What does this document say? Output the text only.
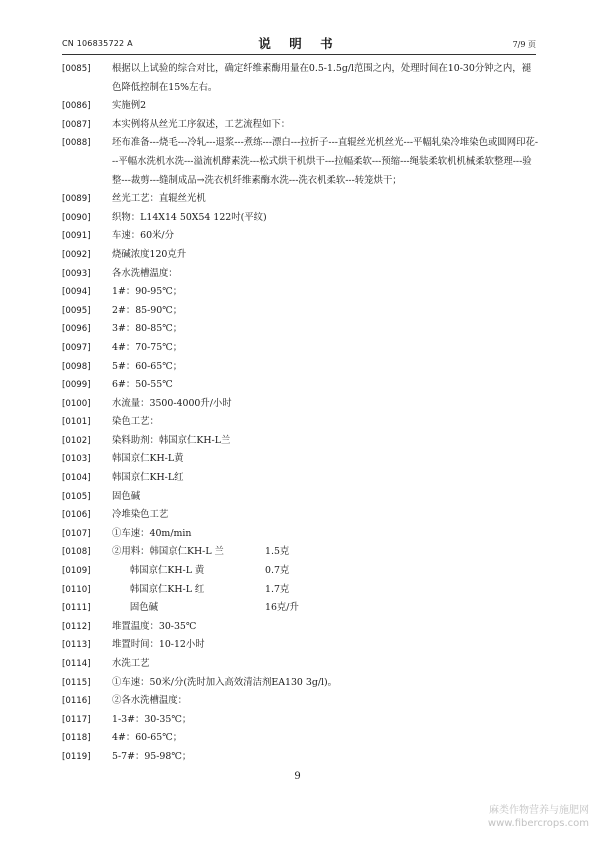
CN 106835722 A	说 明 书	7/9 页
[0085]	根据以上试验的综合对比，确定纤维素酶用量在0.5-1.5g/l范围之内，处理时间在10-30分钟之内，褪色降低控制在15%左右。
[0086]	实施例2
[0087]	本实例将从丝光工序叙述，工艺流程如下：
[0088]	坯布准备---烧毛---冷轧---退浆---煮练---漂白---拉折子---直辊丝光机丝光---平幅轧染冷堆染色或圆网印花---平幅水洗机水洗---溢流机酵素洗---松式烘干机烘干---拉幅柔软---预缩---绳装柔软机机械柔软整理---验整---裁剪---缝制成品→洗衣机纤维素酶水洗---洗衣机柔软---转笼烘干；
[0089]	丝光工艺：直辊丝光机
[0090]	织物：L14X14 50X54 122吋(平纹)
[0091]	车速：60米/分
[0092]	烧碱浓度120克升
[0093]	各水洗槽温度：
[0094]	1#：90-95℃；
[0095]	2#：85-90℃；
[0096]	3#：80-85℃；
[0097]	4#：70-75℃；
[0098]	5#：60-65℃；
[0099]	6#：50-55℃
[0100]	水流量：3500-4000升/小时
[0101]	染色工艺：
[0102]	染料助剂：韩国京仁KH-L兰
[0103]	韩国京仁KH-L黄
[0104]	韩国京仁KH-L红
[0105]	固色碱
[0106]	冷堆染色工艺
[0107]	①车速：40m/min
[0108]	②用料：韩国京仁KH-L 兰	1.5克
[0109]	韩国京仁KH-L 黄	0.7克
[0110]	韩国京仁KH-L 红	1.7克
[0111]	固色碱	16克/升
[0112]	堆置温度：30-35℃
[0113]	堆置时间：10-12小时
[0114]	水洗工艺
[0115]	①车速：50米/分(洗时加入高效清洁剂EA130 3g/l)。
[0116]	②各水洗槽温度：
[0117]	1-3#：30-35℃；
[0118]	4#：60-65℃；
[0119]	5-7#：95-98℃；
9
麻类作物营养与施肥网
www.fibercrops.com
